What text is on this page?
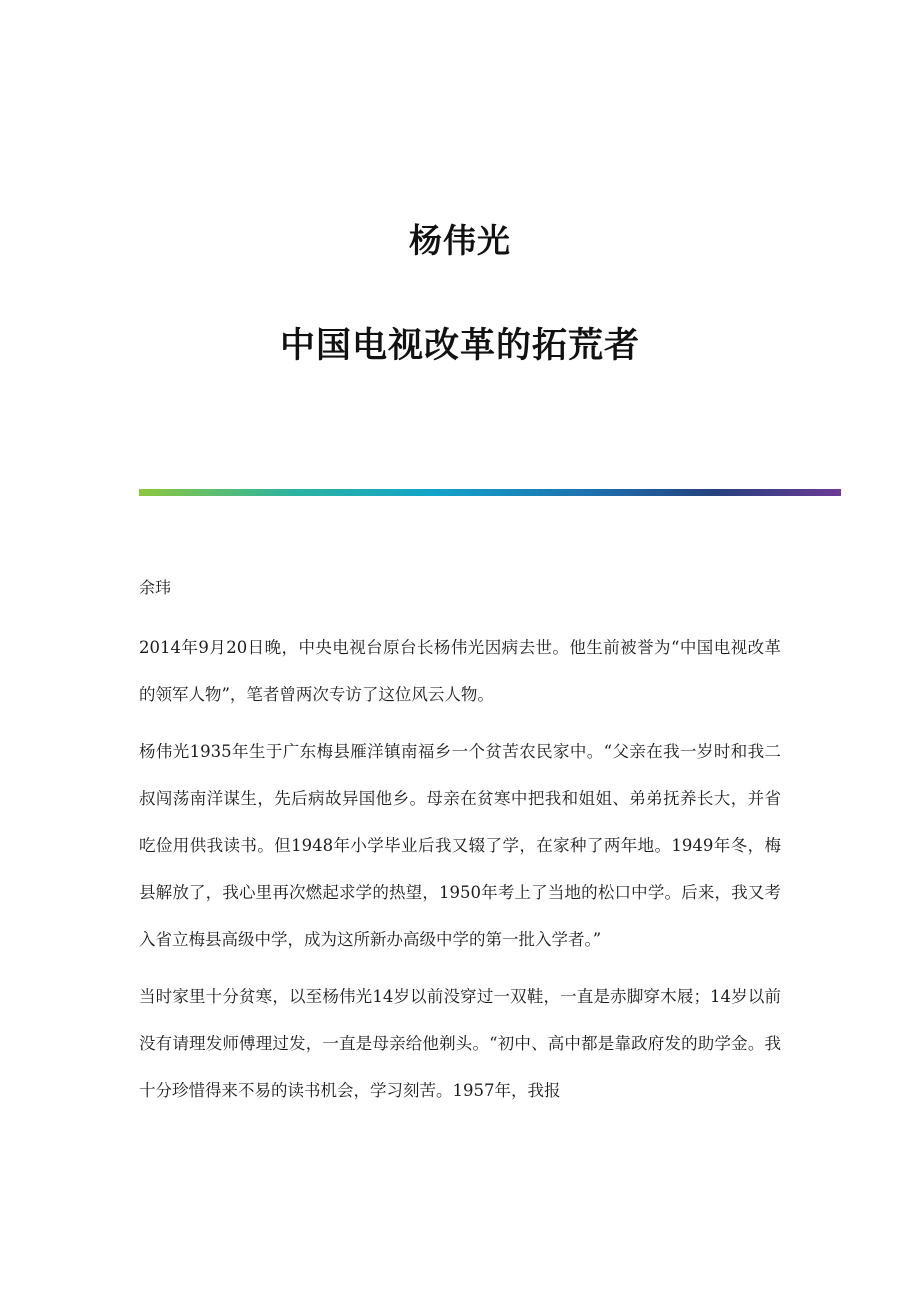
杨伟光
中国电视改革的拓荒者

余玮

2014年9月20日晚，中央电视台原台长杨伟光因病去世。他生前被誉为“中国电视改革的领军人物”，笔者曾两次专访了这位风云人物。

杨伟光1935年生于广东梅县雁洋镇南福乡一个贫苦农民家中。“父亲在我一岁时和我二叔闯荡南洋谋生，先后病故异国他乡。母亲在贫寒中把我和姐姐、弟弟抚养长大，并省吃俭用供我读书。但1948年小学毕业后我又辍了学，在家种了两年地。1949年冬，梅县解放了，我心里再次燃起求学的热望，1950年考上了当地的松口中学。后来，我又考入省立梅县高级中学，成为这所新办高级中学的第一批入学者。”

当时家里十分贫寒，以至杨伟光14岁以前没穿过一双鞋，一直是赤脚穿木屐；14岁以前没有请理发师傅理过发，一直是母亲给他剃头。“初中、高中都是靠政府发的助学金。我十分珍惜得来不易的读书机会，学习刻苦。1957年，我报
